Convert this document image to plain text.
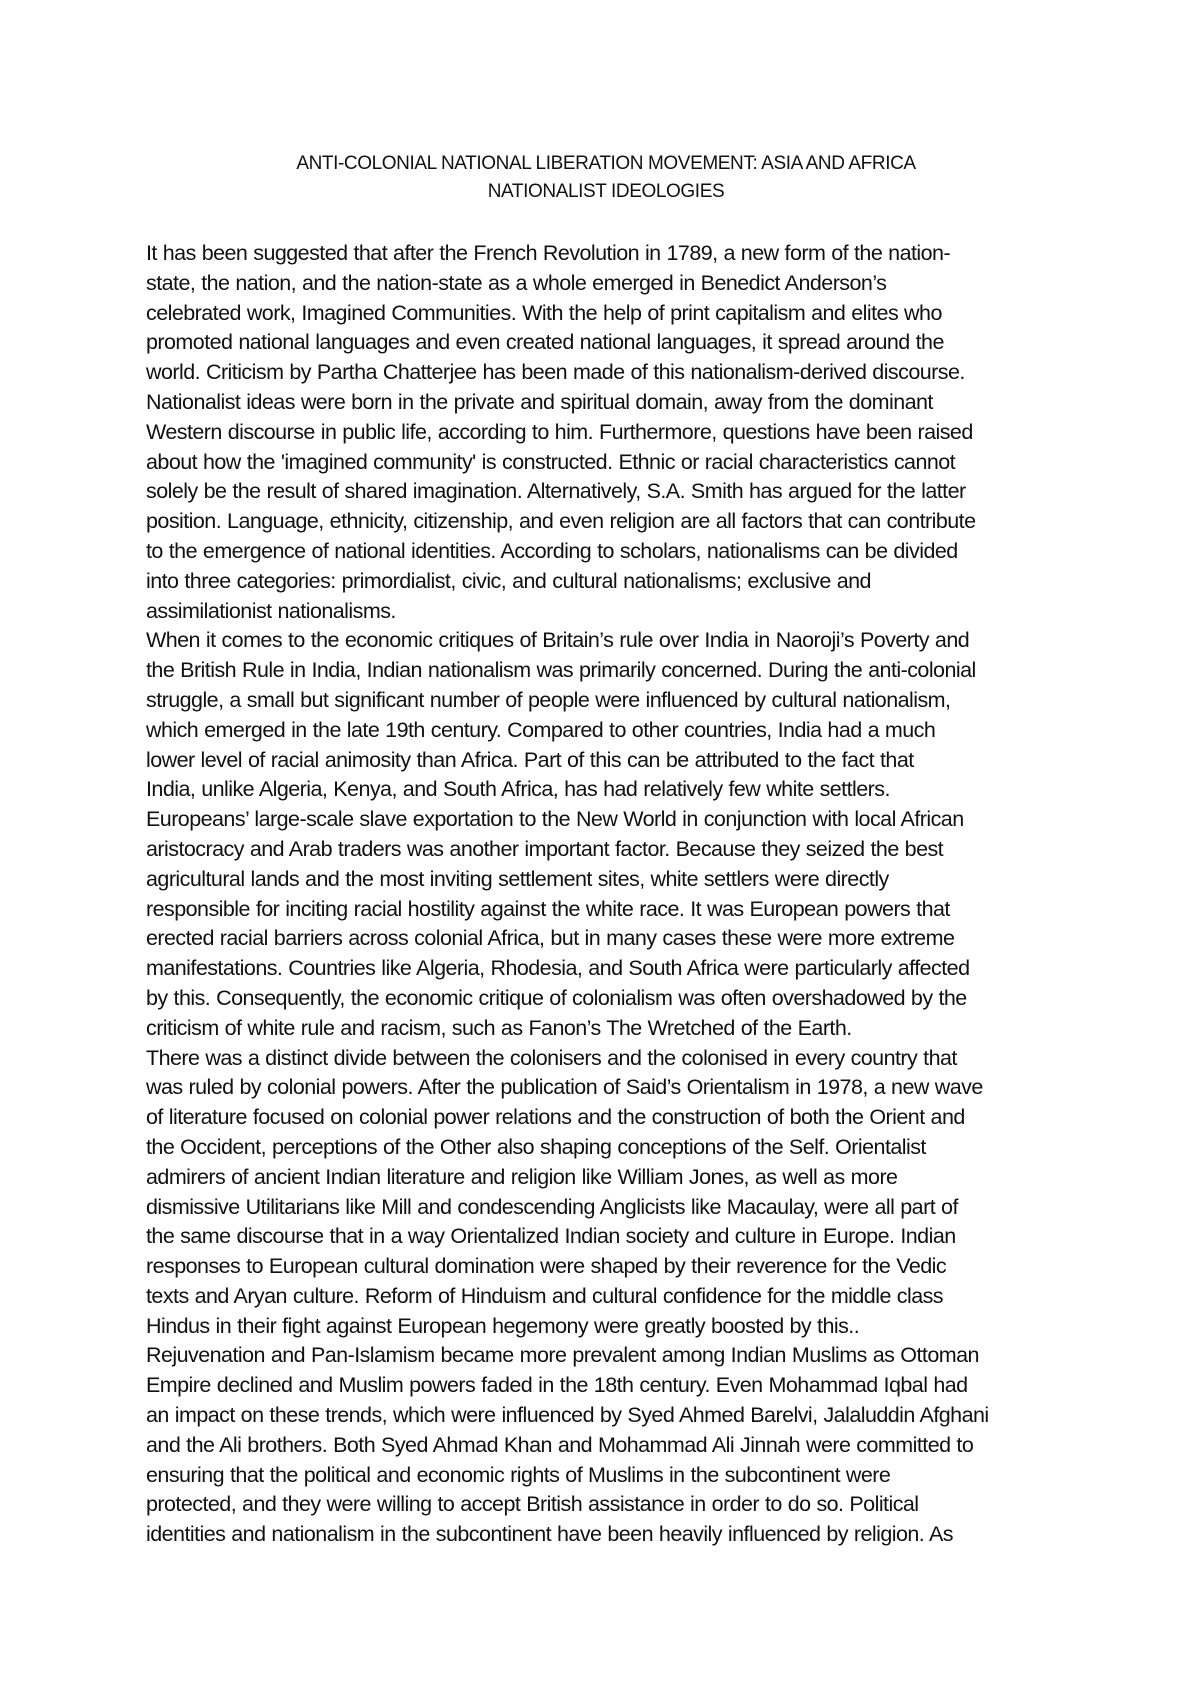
ANTI-COLONIAL NATIONAL LIBERATION MOVEMENT: ASIA AND AFRICA
NATIONALIST IDEOLOGIES
It has been suggested that after the French Revolution in 1789, a new form of the nation-
state, the nation, and the nation-state as a whole emerged in Benedict Anderson’s
celebrated work, Imagined Communities. With the help of print capitalism and elites who
promoted national languages and even created national languages, it spread around the
world. Criticism by Partha Chatterjee has been made of this nationalism-derived discourse.
Nationalist ideas were born in the private and spiritual domain, away from the dominant
Western discourse in public life, according to him. Furthermore, questions have been raised
about how the 'imagined community' is constructed. Ethnic or racial characteristics cannot
solely be the result of shared imagination. Alternatively, S.A. Smith has argued for the latter
position. Language, ethnicity, citizenship, and even religion are all factors that can contribute
to the emergence of national identities. According to scholars, nationalisms can be divided
into three categories: primordialist, civic, and cultural nationalisms; exclusive and
assimilationist nationalisms.
When it comes to the economic critiques of Britain’s rule over India in Naoroji’s Poverty and
the British Rule in India, Indian nationalism was primarily concerned. During the anti-colonial
struggle, a small but significant number of people were influenced by cultural nationalism,
which emerged in the late 19th century. Compared to other countries, India had a much
lower level of racial animosity than Africa. Part of this can be attributed to the fact that
India, unlike Algeria, Kenya, and South Africa, has had relatively few white settlers.
Europeans’ large-scale slave exportation to the New World in conjunction with local African
aristocracy and Arab traders was another important factor. Because they seized the best
agricultural lands and the most inviting settlement sites, white settlers were directly
responsible for inciting racial hostility against the white race. It was European powers that
erected racial barriers across colonial Africa, but in many cases these were more extreme
manifestations. Countries like Algeria, Rhodesia, and South Africa were particularly affected
by this. Consequently, the economic critique of colonialism was often overshadowed by the
criticism of white rule and racism, such as Fanon’s The Wretched of the Earth.
There was a distinct divide between the colonisers and the colonised in every country that
was ruled by colonial powers. After the publication of Said’s Orientalism in 1978, a new wave
of literature focused on colonial power relations and the construction of both the Orient and
the Occident, perceptions of the Other also shaping conceptions of the Self. Orientalist
admirers of ancient Indian literature and religion like William Jones, as well as more
dismissive Utilitarians like Mill and condescending Anglicists like Macaulay, were all part of
the same discourse that in a way Orientalized Indian society and culture in Europe. Indian
responses to European cultural domination were shaped by their reverence for the Vedic
texts and Aryan culture. Reform of Hinduism and cultural confidence for the middle class
Hindus in their fight against European hegemony were greatly boosted by this..
Rejuvenation and Pan-Islamism became more prevalent among Indian Muslims as Ottoman
Empire declined and Muslim powers faded in the 18th century. Even Mohammad Iqbal had
an impact on these trends, which were influenced by Syed Ahmed Barelvi, Jalaluddin Afghani
and the Ali brothers. Both Syed Ahmad Khan and Mohammad Ali Jinnah were committed to
ensuring that the political and economic rights of Muslims in the subcontinent were
protected, and they were willing to accept British assistance in order to do so. Political
identities and nationalism in the subcontinent have been heavily influenced by religion. As
